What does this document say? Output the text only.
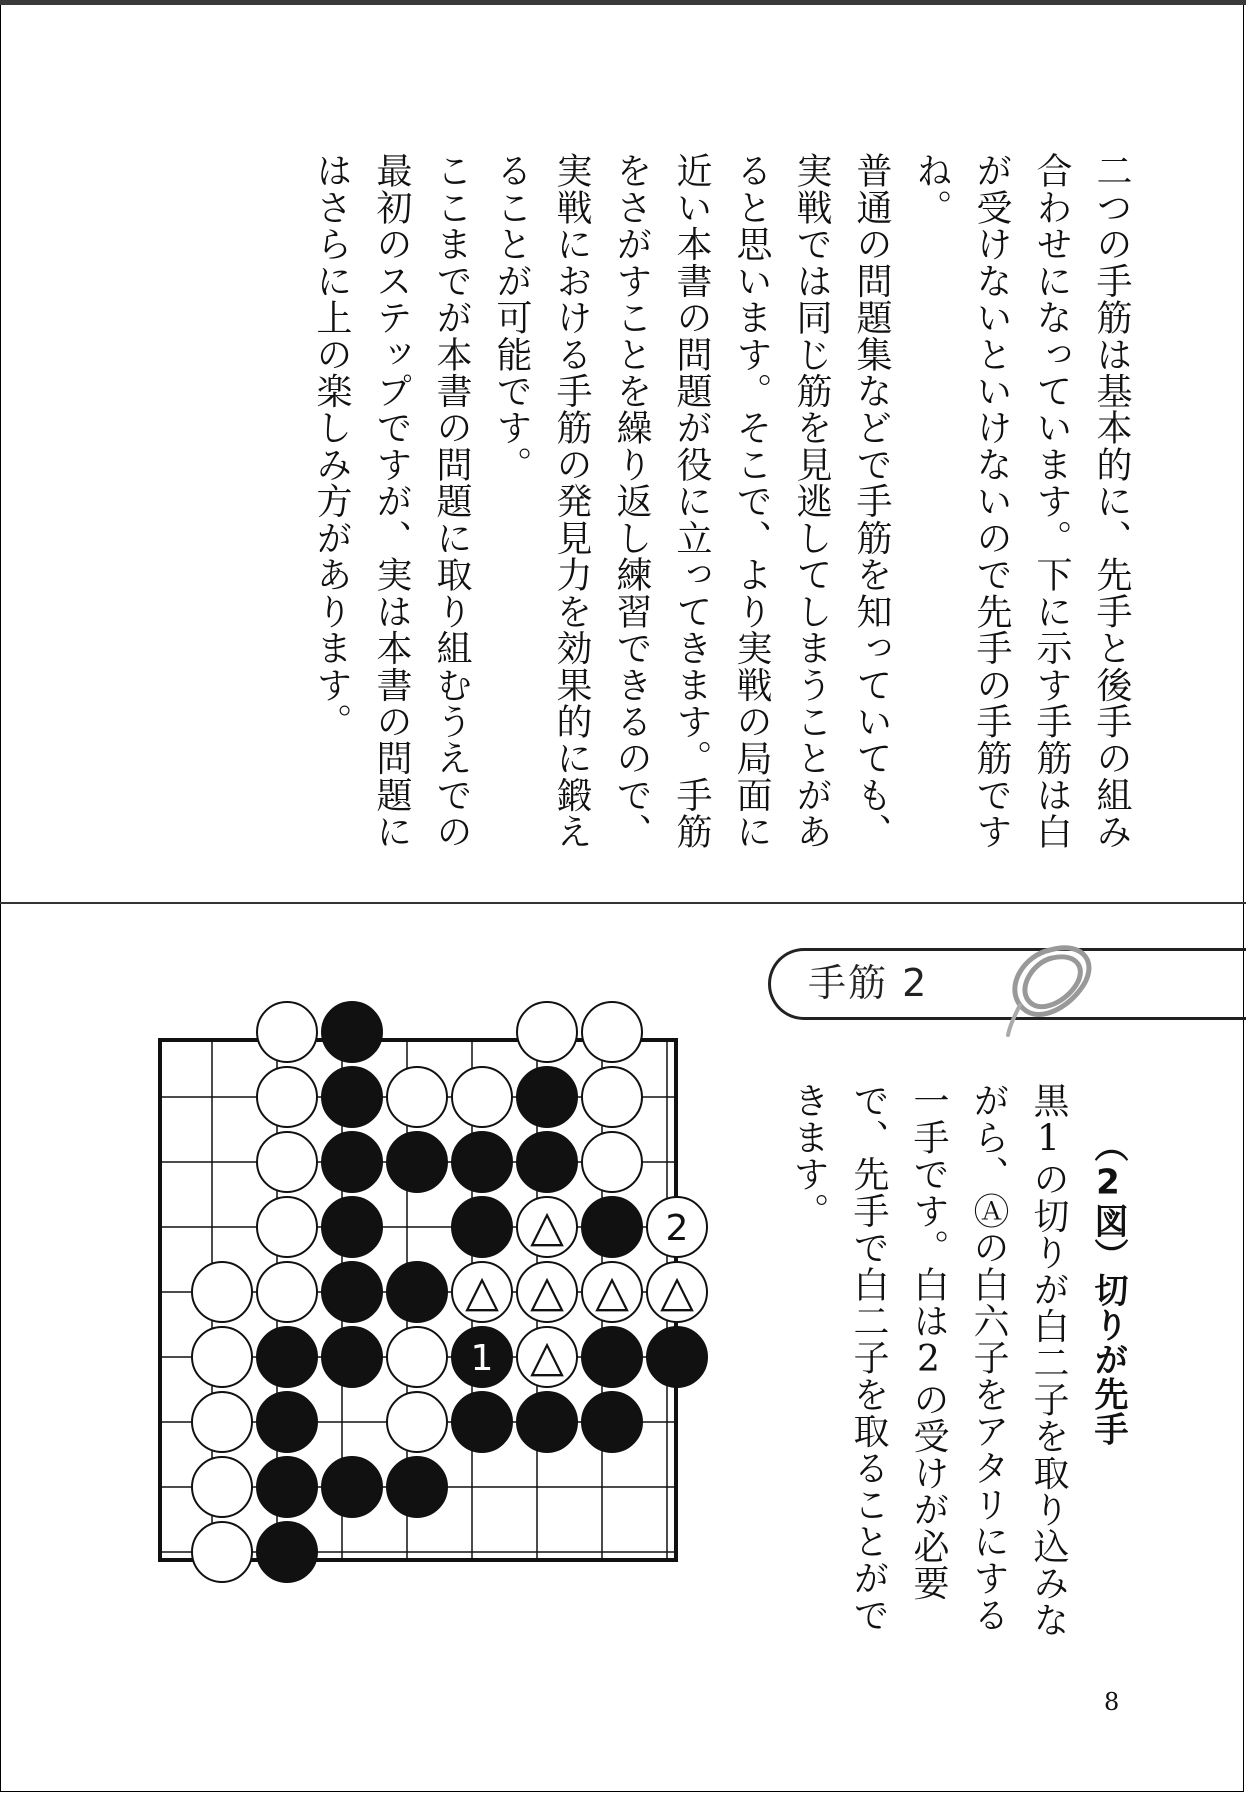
二つの手筋は基本的に、先手と後手の組み合わせになっています。下に示す手筋は白が受けないといけないので先手の手筋ですね。
普通の問題集などで手筋を知っていても、実戦では同じ筋を見逃してしまうことがあると思います。そこで、より実戦の局面に近い本書の問題が役に立ってきます。手筋をさがすことを繰り返し練習できるので、実戦における手筋の発見力を効果的に鍛えることが可能です。
ここまでが本書の問題に取り組むうえでの最初のステップですが、実は本書の問題にはさらに上の楽しみ方があります。
手筋 2
（2図）切りが先手
黒1の切りが白二子を取り込みながら、Ⓐの白六子をアタリにする一手です。白は2の受けが必要で、先手で白二子を取ることができます。
△	2
△ △ △ △
1 △
8
